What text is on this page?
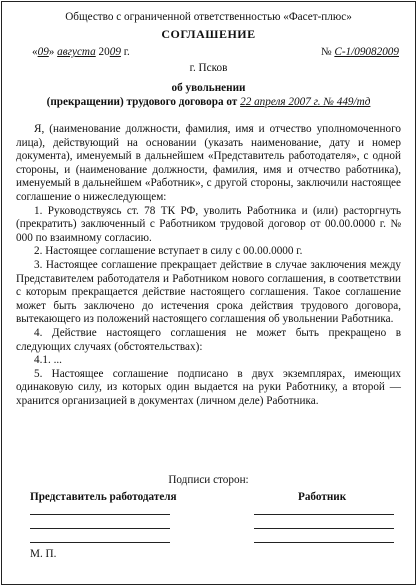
Общество с ограниченной ответственностью «Фасет-плюс»
СОГЛАШЕНИЕ
«09» августа 2009 г.	№ С-1/09082009
г. Псков
об увольнении
(прекращении) трудового договора от 22 апреля 2007 г. № 449/тд

Я, (наименование должности, фамилия, имя и отчество уполномоченного лица), действующий на основании (указать наименование, дату и номер документа), именуемый в дальнейшем «Представитель работодателя», с одной стороны, и (наименование должности, фамилия, имя и отчество работника), именуемый в дальнейшем «Работник», с другой стороны, заключили настоящее соглашение о нижеследующем:

1. Руководствуясь ст. 78 ТК РФ, уволить Работника и (или) расторгнуть (прекратить) заключенный с Работником трудовой договор от 00.00.0000 г. № 000 по взаимному согласию.

2. Настоящее соглашение вступает в силу с 00.00.0000 г.

3. Настоящее соглашение прекращает действие в случае заключения между Представителем работодателя и Работником нового соглашения, в соответствии с которым прекращается действие настоящего соглашения. Такое соглашение может быть заключено до истечения срока действия трудового договора, вытекающего из положений настоящего соглашения об увольнении Работника.

4. Действие настоящего соглашения не может быть прекращено в следующих случаях (обстоятельствах):

4.1. ...

5. Настоящее соглашение подписано в двух экземплярах, имеющих одинаковую силу, из которых один выдается на руки Работнику, а второй — хранится организацией в документах (личном деле) Работника.

Подписи сторон:
Представитель работодателя	Работник
М. П.
